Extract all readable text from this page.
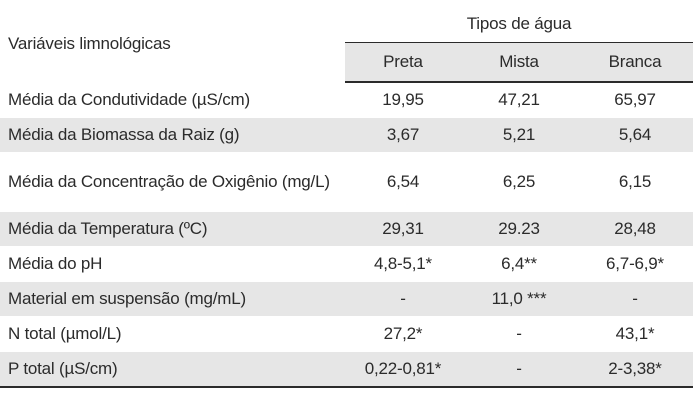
Variáveis limnológicas	Tipos de água		
	Preta	Mista	Branca
Média da Condutividade (µS/cm)	19,95	47,21	65,97
Média da Biomassa da Raiz (g)	3,67	5,21	5,64
Média da Concentração de Oxigênio (mg/L)	6,54	6,25	6,15
Média da Temperatura (ºC)	29,31	29.23	28,48
Média do pH	4,8-5,1*	6,4**	6,7-6,9*
Material em suspensão (mg/mL)	-	11,0 ***	-
N total (µmol/L)	27,2*	-	43,1*
P total (µS/cm)	0,22-0,81*	-	2-3,38*
